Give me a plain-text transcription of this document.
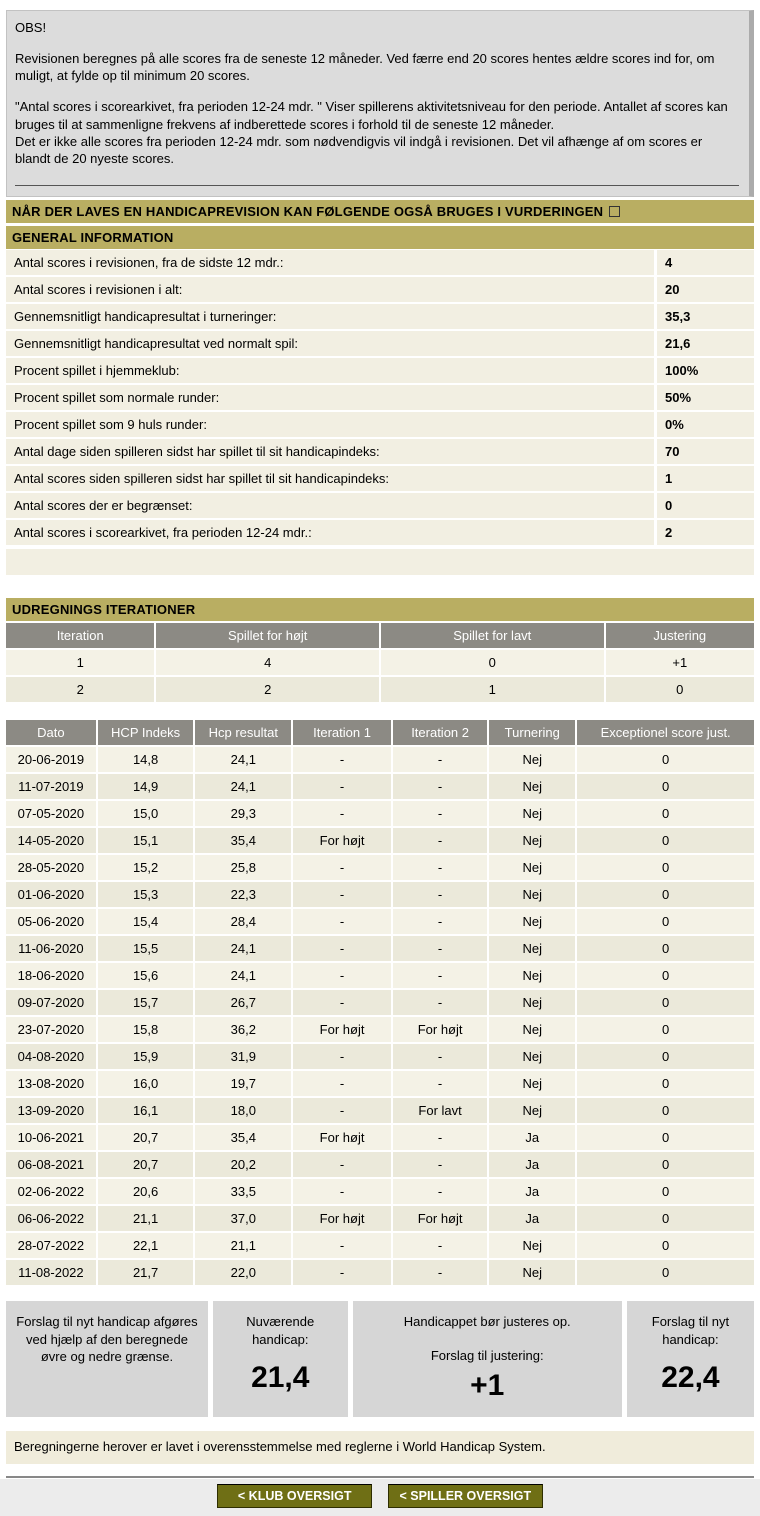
OBS!

Revisionen beregnes på alle scores fra de seneste 12 måneder. Ved færre end 20 scores hentes ældre scores ind for, om muligt, at fylde op til minimum 20 scores.

"Antal scores i scorearkivet, fra perioden 12-24 mdr. " Viser spillerens aktivitetsniveau for den periode. Antallet af scores kan bruges til at sammenligne frekvens af indberettede scores i forhold til de seneste 12 måneder.
Det er ikke alle scores fra perioden 12-24 mdr. som nødvendigvis vil indgå i revisionen. Det vil afhænge af om scores er blandt de 20 nyeste scores.

NÅR DER LAVES EN HANDICAPREVISION KAN FØLGENDE OGSÅ BRUGES I VURDERINGEN
GENERAL INFORMATION
Antal scores i revisionen, fra de sidste 12 mdr.:	4
Antal scores i revisionen i alt:	20
Gennemsnitligt handicapresultat i turneringer:	35,3
Gennemsnitligt handicapresultat ved normalt spil:	21,6
Procent spillet i hjemmeklub:	100%
Procent spillet som normale runder:	50%
Procent spillet som 9 huls runder:	0%
Antal dage siden spilleren sidst har spillet til sit handicapindeks:	70
Antal scores siden spilleren sidst har spillet til sit handicapindeks:	1
Antal scores der er begrænset:	0
Antal scores i scorearkivet, fra perioden 12-24 mdr.:	2
UDREGNINGS ITERATIONER
Iteration	Spillet for højt	Spillet for lavt	Justering
1	4	0	+1
2	2	1	0
Dato	HCP Indeks	Hcp resultat	Iteration 1	Iteration 2	Turnering	Exceptionel score just.
20-06-2019	14,8	24,1	-	-	Nej	0
11-07-2019	14,9	24,1	-	-	Nej	0
07-05-2020	15,0	29,3	-	-	Nej	0
14-05-2020	15,1	35,4	For højt	-	Nej	0
28-05-2020	15,2	25,8	-	-	Nej	0
01-06-2020	15,3	22,3	-	-	Nej	0
05-06-2020	15,4	28,4	-	-	Nej	0
11-06-2020	15,5	24,1	-	-	Nej	0
18-06-2020	15,6	24,1	-	-	Nej	0
09-07-2020	15,7	26,7	-	-	Nej	0
23-07-2020	15,8	36,2	For højt	For højt	Nej	0
04-08-2020	15,9	31,9	-	-	Nej	0
13-08-2020	16,0	19,7	-	-	Nej	0
13-09-2020	16,1	18,0	-	For lavt	Nej	0
10-06-2021	20,7	35,4	For højt	-	Ja	0
06-08-2021	20,7	20,2	-	-	Ja	0
02-06-2022	20,6	33,5	-	-	Ja	0
06-06-2022	21,1	37,0	For højt	For højt	Ja	0
28-07-2022	22,1	21,1	-	-	Nej	0
11-08-2022	21,7	22,0	-	-	Nej	0
Forslag til nyt handicap afgøres ved hjælp af den beregnede øvre og nedre grænse.
Nuværende handicap:
21,4
Handicappet bør justeres op.
Forslag til justering:
+1
Forslag til nyt handicap:
22,4
Beregningerne herover er lavet i overensstemmelse med reglerne i World Handicap System.
< KLUB OVERSIGT	< SPILLER OVERSIGT
